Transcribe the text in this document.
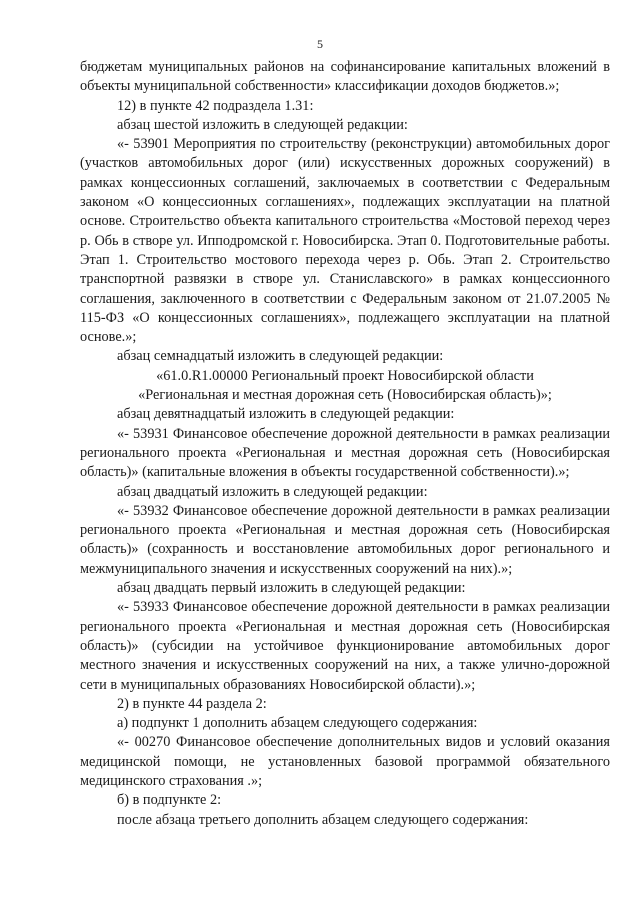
5

бюджетам муниципальных районов на софинансирование капитальных вложений в объекты муниципальной собственности» классификации доходов бюджетов.»;

12) в пункте 42 подраздела 1.31:

абзац шестой изложить в следующей редакции:

«- 53901 Мероприятия по строительству (реконструкции) автомобильных дорог (участков автомобильных дорог (или) искусственных дорожных сооружений) в рамках концессионных соглашений, заключаемых в соответствии с Федеральным законом «О концессионных соглашениях», подлежащих эксплуатации на платной основе. Строительство объекта капитального строительства «Мостовой переход через р. Обь в створе ул. Ипподромской г. Новосибирска. Этап 0. Подготовительные работы. Этап 1. Строительство мостового перехода через р. Обь. Этап 2. Строительство транспортной развязки в створе ул. Станиславского» в рамках концессионного соглашения, заключенного в соответствии с Федеральным законом от 21.07.2005 № 115-ФЗ «О концессионных соглашениях», подлежащего эксплуатации на платной основе.»;

абзац семнадцатый изложить в следующей редакции:

«61.0.R1.00000 Региональный проект Новосибирской области

«Региональная и местная дорожная сеть (Новосибирская область)»;

абзац девятнадцатый изложить в следующей редакции:

«- 53931 Финансовое обеспечение дорожной деятельности в рамках реализации регионального проекта «Региональная и местная дорожная сеть (Новосибирская область)» (капитальные вложения в объекты государственной собственности).»;

абзац двадцатый изложить в следующей редакции:

«- 53932 Финансовое обеспечение дорожной деятельности в рамках реализации регионального проекта «Региональная и местная дорожная сеть (Новосибирская область)» (сохранность и восстановление автомобильных дорог регионального и межмуниципального значения и искусственных сооружений на них).»;

абзац двадцать первый изложить в следующей редакции:

«- 53933 Финансовое обеспечение дорожной деятельности в рамках реализации регионального проекта «Региональная и местная дорожная сеть (Новосибирская область)» (субсидии на устойчивое функционирование автомобильных дорог местного значения и искусственных сооружений на них, а также улично-дорожной сети в муниципальных образованиях Новосибирской области).»;

2) в пункте 44 раздела 2:

а) подпункт 1 дополнить абзацем следующего содержания:

«- 00270 Финансовое обеспечение дополнительных видов и условий оказания медицинской помощи, не установленных базовой программой обязательного медицинского страхования .»;

б) в подпункте 2:

после абзаца третьего дополнить абзацем следующего содержания:
